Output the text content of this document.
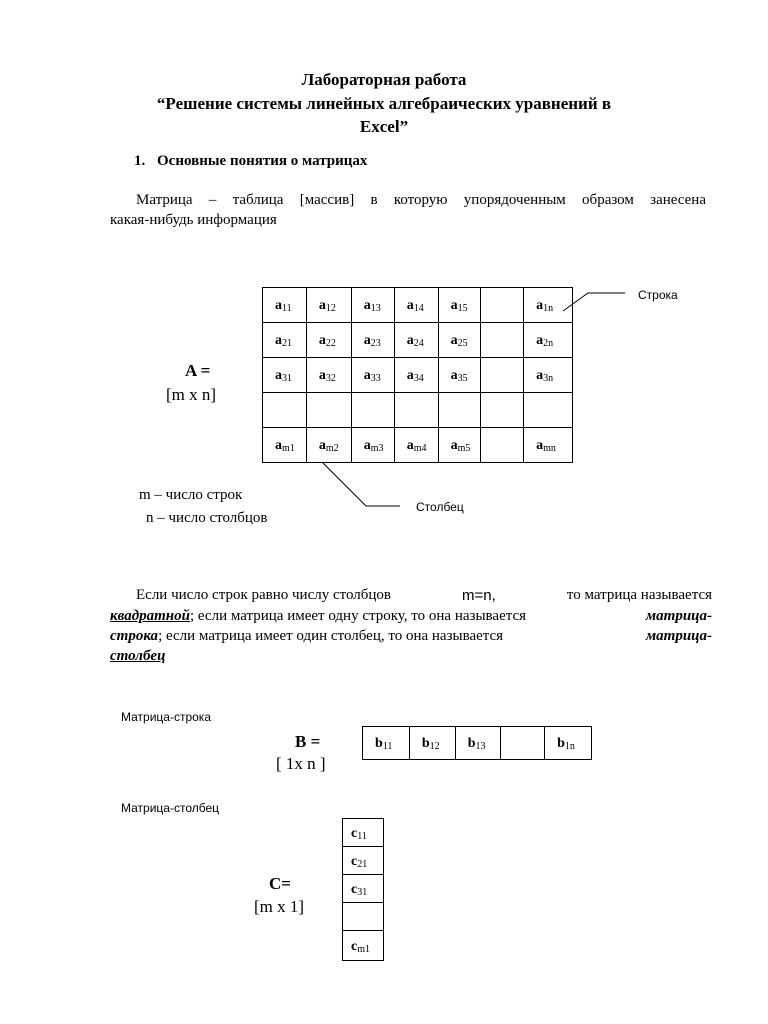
Лабораторная работа
“Решение системы линейных алгебраических уравнений в
Excel”
1. Основные понятия о матрицах
Матрица – таблица [массив] в которую упорядоченным образом занесена
какая-нибудь информация
$a_{11}$	$a_{12}$	$a_{13}$	$a_{14}$	$a_{15}$		$a_{1n}$
$a_{21}$	$a_{22}$	$a_{23}$	$a_{24}$	$a_{25}$		$a_{2n}$
$a_{31}$	$a_{32}$	$a_{33}$	$a_{34}$	$a_{35}$		$a_{3n}$

$a_{m1}$	$a_{m2}$	$a_{m3}$	$a_{m4}$	$a_{m5}$		$a_{mn}$
A =
[m x n]
Строка
Столбец
m – число строк
n – число столбцов
Если число строк равно числу столбцов	m=n,	то матрица называется
квадратной ; если матрица имеет одну строку, то она называется	матрица-
строка ; если матрица имеет один столбец, то она называется	матрица-
столбец
Матрица-строка
B =
[ 1x n ]
$b_{11}$	$b_{12}$	$b_{13}$		$b_{1n}$
Матрица-столбец
C=
[m x 1]
$c_{11}$
$c_{21}$
$c_{31}$

$c_{m1}$
